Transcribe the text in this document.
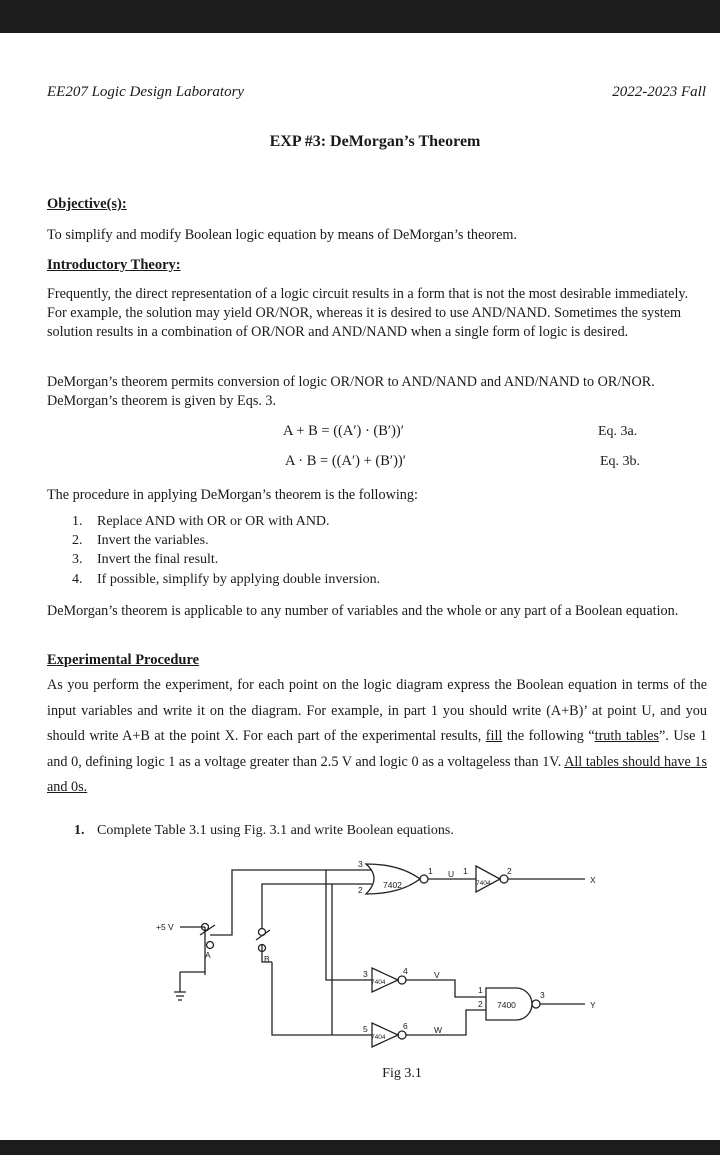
EE207 Logic Design Laboratory	2022-2023 Fall
EXP #3: DeMorgan’s Theorem
Objective(s):
To simplify and modify Boolean logic equation by means of DeMorgan’s theorem.
Introductory Theory:
Frequently, the direct representation of a logic circuit results in a form that is not the most desirable immediately. For example, the solution may yield OR/NOR, whereas it is desired to use AND/NAND. Sometimes the system solution results in a combination of OR/NOR and AND/NAND when a single form of logic is desired.
DeMorgan’s theorem permits conversion of logic OR/NOR to AND/NAND and AND/NAND to OR/NOR. DeMorgan’s theorem is given by Eqs. 3.
A + B = ((A′) · (B′))′	Eq. 3a.
A · B = ((A′) + (B′))′	Eq. 3b.
The procedure in applying DeMorgan’s theorem is the following:
1. Replace AND with OR or OR with AND.
2. Invert the variables.
3. Invert the final result.
4. If possible, simplify by applying double inversion.
DeMorgan’s theorem is applicable to any number of variables and the whole or any part of a Boolean equation.
Experimental Procedure
As you perform the experiment, for each point on the logic diagram express the Boolean equation in terms of the input variables and write it on the diagram. For example, in part 1 you should write (A+B)’ at point U, and you should write A+B at the point X. For each part of the experimental results, fill the following “truth tables”. Use 1 and 0, defining logic 1 as a voltage greater than 2.5 V and logic 0 as a voltageless than 1V. All tables should have 1s and 0s.
1. Complete Table 3.1 using Fig. 3.1 and write Boolean equations.
+5 V
A	B
7402
3
2
1 U
7404
1	2
X
7404
3	4	V
7404
5	6	W
7400
1
2
3
Y
Fig 3.1
